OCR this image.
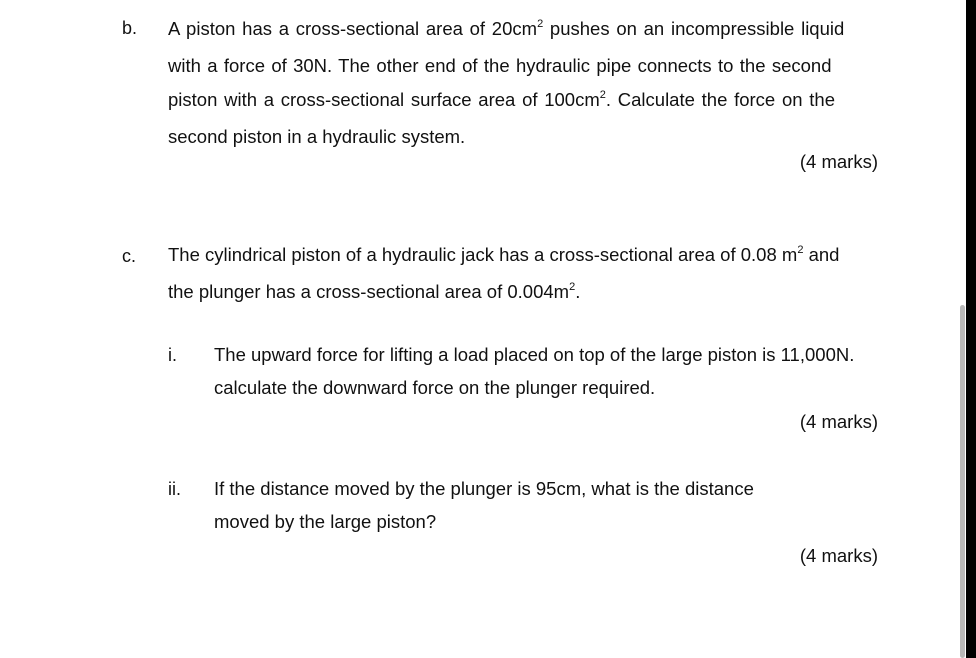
b. A piston has a cross-sectional area of $20cm^2$ pushes on an incompressible liquid
with a force of 30N. The other end of the hydraulic pipe connects to the second
piston with a cross-sectional surface area of $100cm^2$. Calculate the force on the
second piston in a hydraulic system.
(4 marks)
c. The cylindrical piston of a hydraulic jack has a cross-sectional area of 0.08 $m^2$ and
the plunger has a cross-sectional area of $0.004m^2$.
i. The upward force for lifting a load placed on top of the large piston is 11,000N.
calculate the downward force on the plunger required.
(4 marks)
ii. If the distance moved by the plunger is 95cm, what is the distance
moved by the large piston?
(4 marks)
